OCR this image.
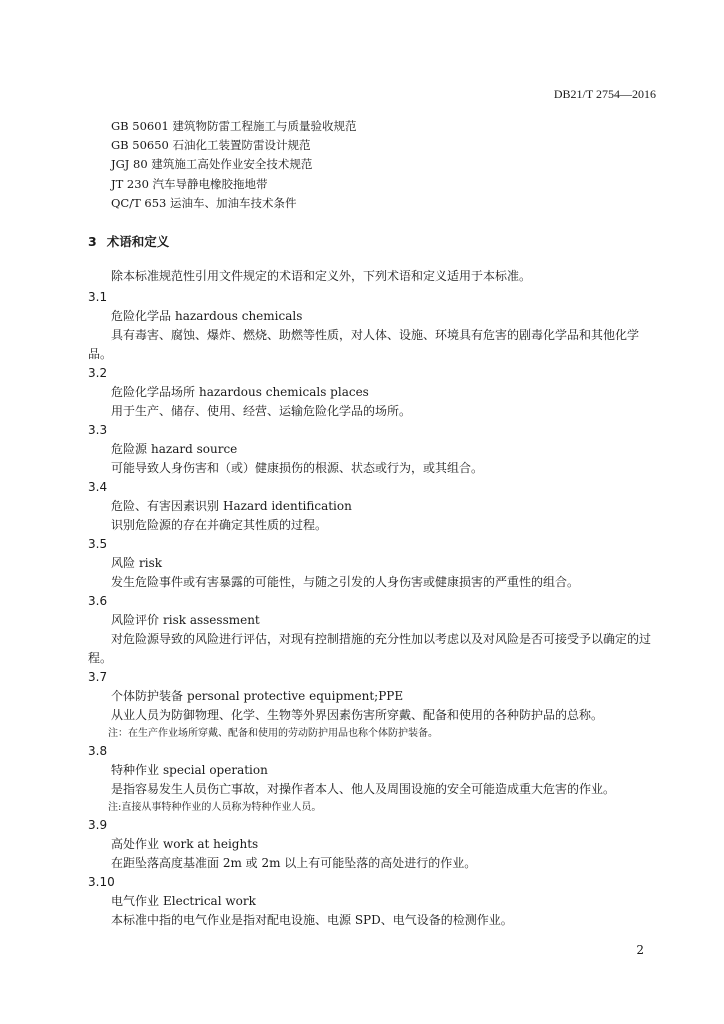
DB21/T 2754—2016
GB 50601 建筑物防雷工程施工与质量验收规范
GB 50650 石油化工装置防雷设计规范
JGJ 80 建筑施工高处作业安全技术规范
JT 230 汽车导静电橡胶拖地带
QC/T 653 运油车、加油车技术条件
3 术语和定义
除本标准规范性引用文件规定的术语和定义外，下列术语和定义适用于本标准。
3.1
危险化学品 hazardous chemicals
具有毒害、腐蚀、爆炸、燃烧、助燃等性质，对人体、设施、环境具有危害的剧毒化学品和其他化学品。
3.2
危险化学品场所 hazardous chemicals places
用于生产、储存、使用、经营、运输危险化学品的场所。
3.3
危险源 hazard source
可能导致人身伤害和（或）健康损伤的根源、状态或行为，或其组合。
3.4
危险、有害因素识别 Hazard identification
识别危险源的存在并确定其性质的过程。
3.5
风险 risk
发生危险事件或有害暴露的可能性，与随之引发的人身伤害或健康损害的严重性的组合。
3.6
风险评价 risk assessment
对危险源导致的风险进行评估，对现有控制措施的充分性加以考虑以及对风险是否可接受予以确定的过程。
3.7
个体防护装备 personal protective equipment;PPE
从业人员为防御物理、化学、生物等外界因素伤害所穿戴、配备和使用的各种防护品的总称。
注：在生产作业场所穿戴、配备和使用的劳动防护用品也称个体防护装备。
3.8
特种作业 special operation
是指容易发生人员伤亡事故，对操作者本人、他人及周围设施的安全可能造成重大危害的作业。
注:直接从事特种作业的人员称为特种作业人员。
3.9
高处作业 work at heights
在距坠落高度基准面 2m 或 2m 以上有可能坠落的高处进行的作业。
3.10
电气作业 Electrical work
本标准中指的电气作业是指对配电设施、电源 SPD、电气设备的检测作业。
2
